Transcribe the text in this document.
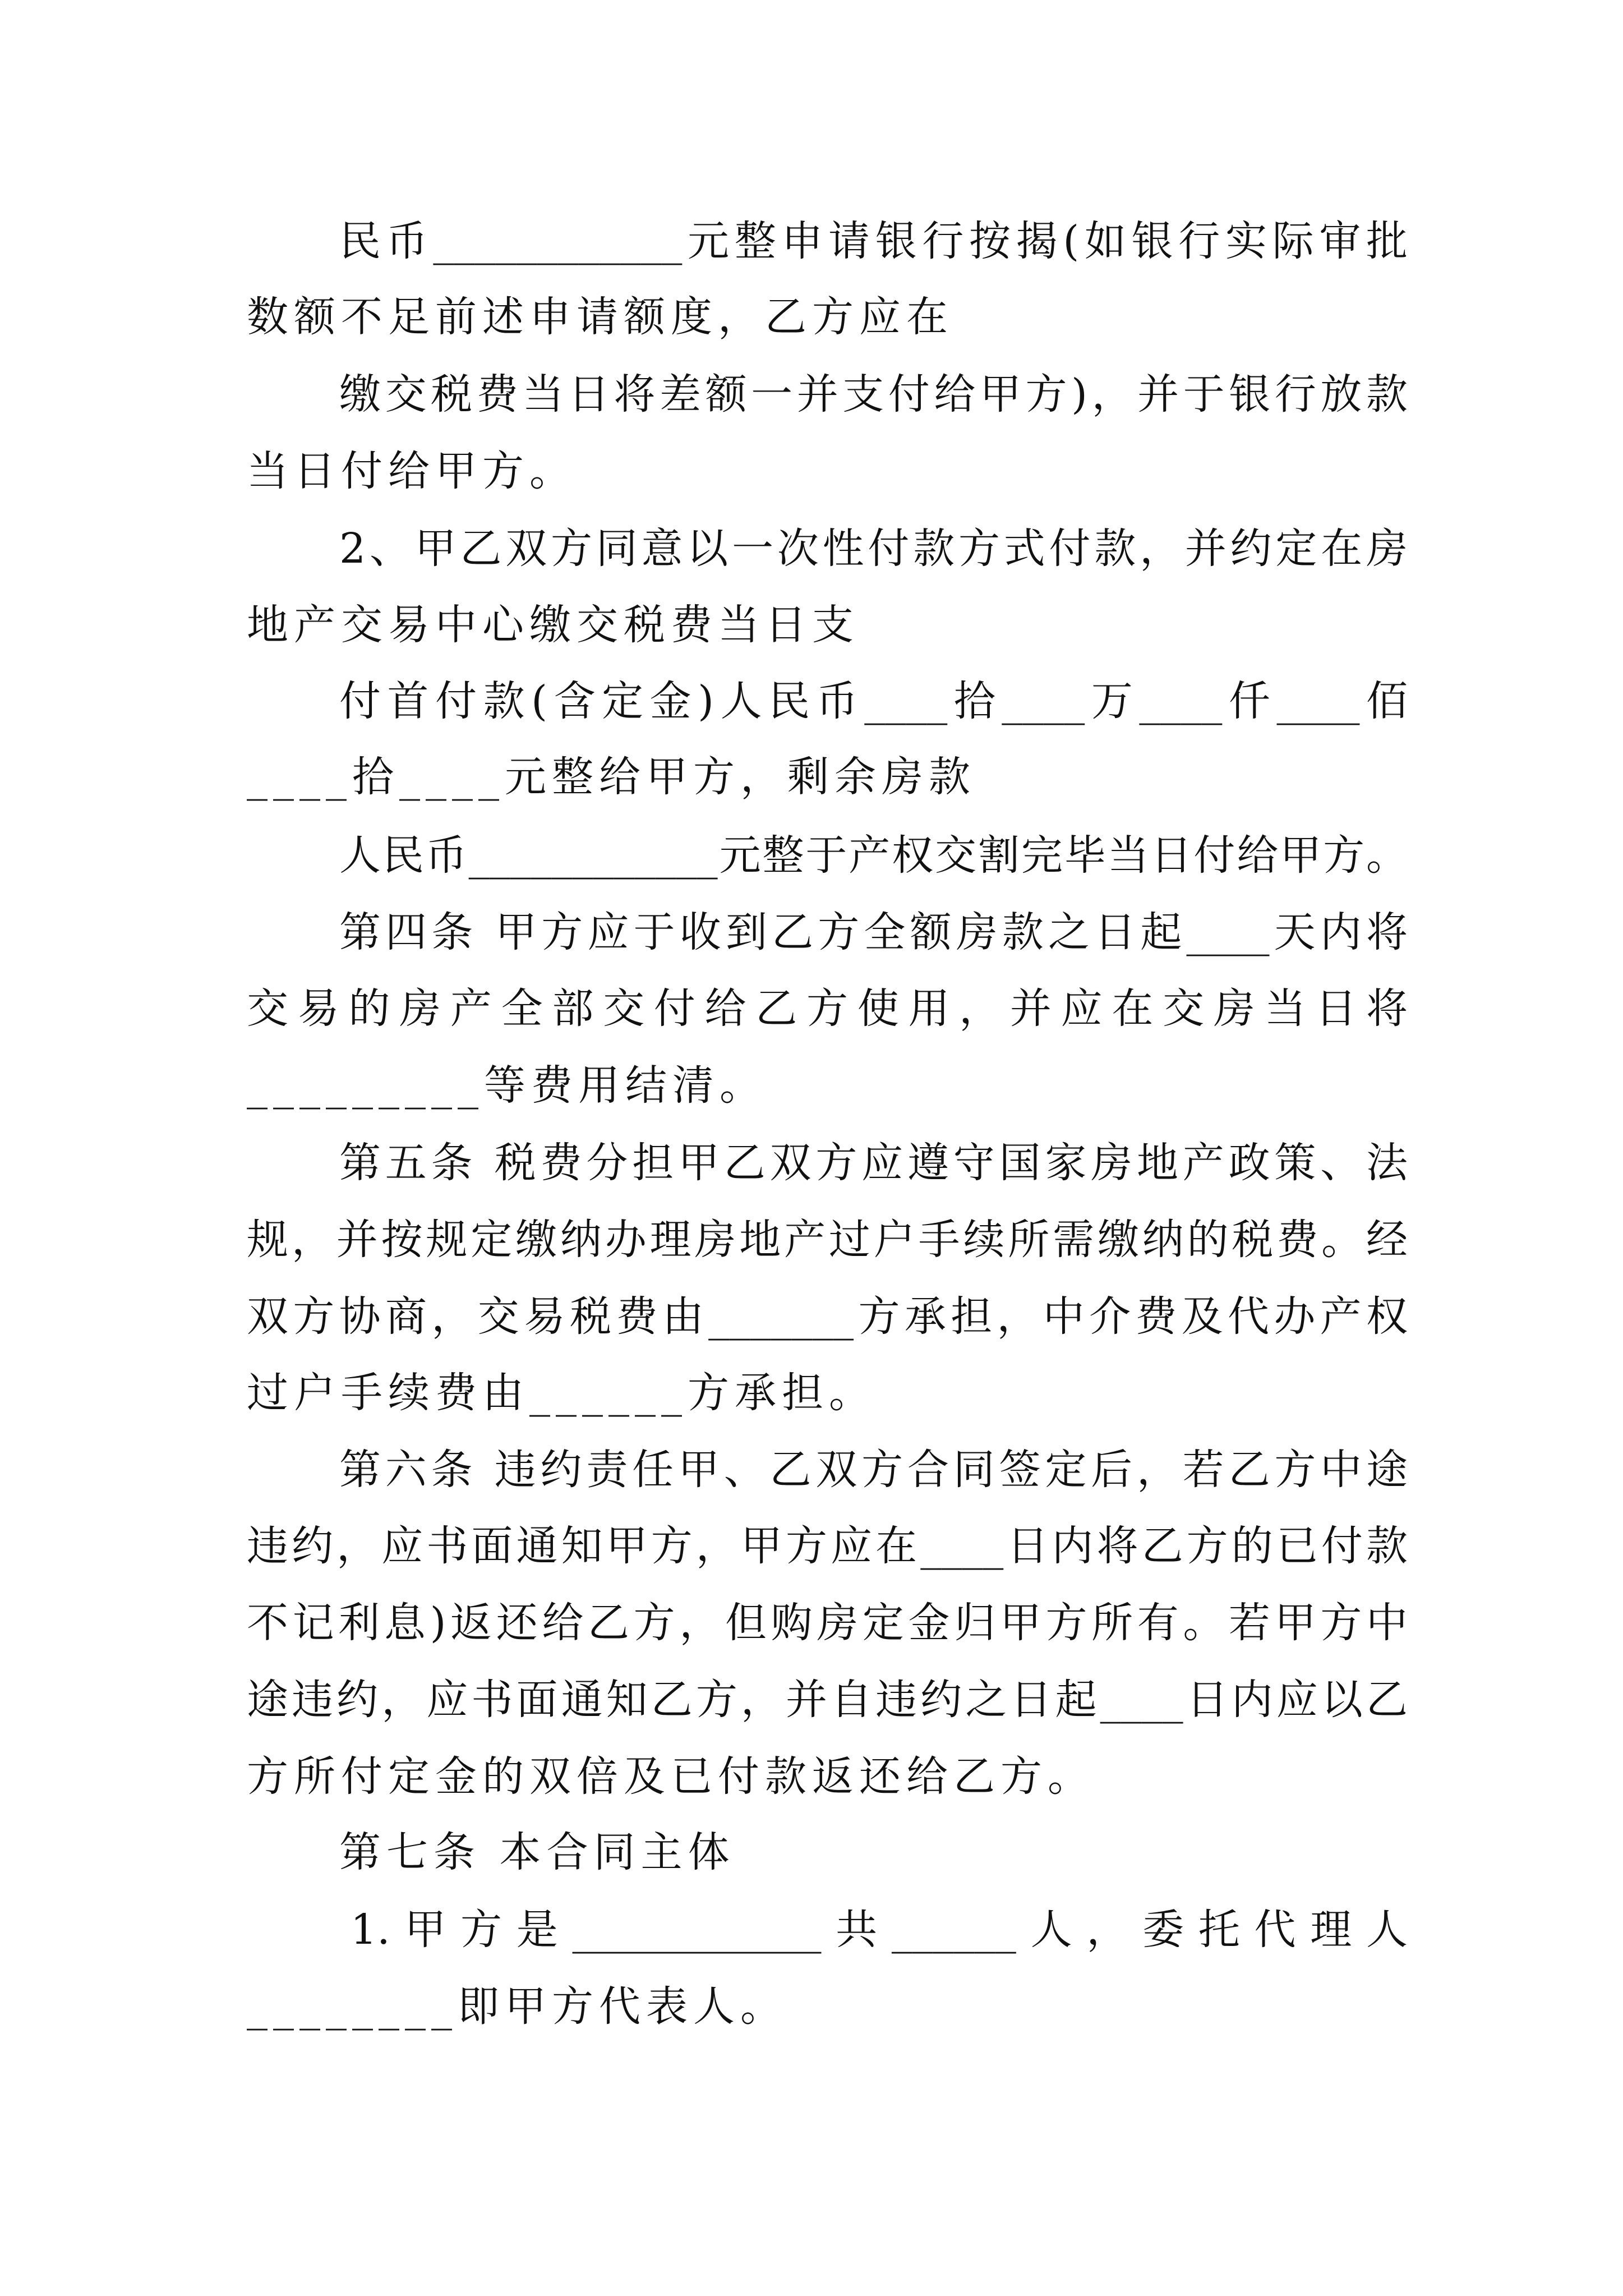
民币____________元整申请银行按揭(如银行实际审批
数额不足前述申请额度，乙方应在
缴交税费当日将差额一并支付给甲方)，并于银行放款
当日付给甲方。
2、甲乙双方同意以一次性付款方式付款，并约定在房
地产交易中心缴交税费当日支
付首付款(含定金)人民币____拾____万____仟____佰
____拾____元整给甲方，剩余房款
人民币____________元整于产权交割完毕当日付给甲方。
第四条 甲方应于收到乙方全额房款之日起____天内将
交易的房产全部交付给乙方使用，并应在交房当日将
_________等费用结清。
第五条 税费分担甲乙双方应遵守国家房地产政策、法
规，并按规定缴纳办理房地产过户手续所需缴纳的税费。经
双方协商，交易税费由_______方承担，中介费及代办产权
过户手续费由______方承担。
第六条 违约责任甲、乙双方合同签定后，若乙方中途
违约，应书面通知甲方，甲方应在____日内将乙方的已付款
不记利息)返还给乙方，但购房定金归甲方所有。若甲方中
途违约，应书面通知乙方，并自违约之日起____日内应以乙
方所付定金的双倍及已付款返还给乙方。
第七条 本合同主体
1.甲方是____________共______人，委托代理人
________即甲方代表人。
